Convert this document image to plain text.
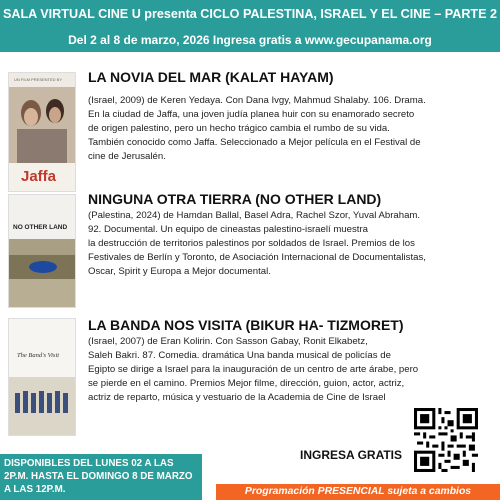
SALA VIRTUAL CINE U presenta CICLO PALESTINA, ISRAEL Y EL CINE – PARTE 2
Del 2 al 8 de marzo, 2026 Ingresa gratis a www.gecupanama.org
UN FILM PRESENTED BY
Jaffa
LA NOVIA DEL MAR (KALAT HAYAM)
(Israel, 2009) de Keren Yedaya. Con Dana Ivgy, Mahmud Shalaby. 106. Drama.
En la ciudad de Jaffa, una joven judía planea huir con su enamorado secreto
de origen palestino, pero un hecho trágico cambia el rumbo de su vida.
También conocido como Jaffa. Seleccionado a Mejor película en el Festival de
cine de Jerusalén.
NO OTHER LAND
NINGUNA OTRA TIERRA (NO OTHER LAND)
(Palestina, 2024) de Hamdan Ballal, Basel Adra, Rachel Szor, Yuval Abraham.
92. Documental. Un equipo de cineastas palestino-israelí muestra
la destrucción de territorios palestinos por soldados de Israel. Premios de los
Festivales de Berlín y Toronto, de Asociación Internacional de Documentalistas,
Oscar, Spirit y Europa a Mejor documental.
The Band's Visit
LA BANDA NOS VISITA (BIKUR HA- TIZMORET)
(Israel, 2007) de Eran Kolirin. Con Sasson Gabay, Ronit Elkabetz,
Saleh Bakri. 87. Comedia. dramática Una banda musical de policías de
Egipto se dirige a Israel para la inauguración de un centro de arte árabe, pero
se pierde en el camino. Premios Mejor filme, dirección, guion, actor, actriz,
actriz de reparto, música y vestuario de la Academia de Cine de Israel
DISPONIBLES DEL LUNES 02 A LAS 2P.M. HASTA EL DOMINGO 8 DE MARZO A LAS 12P.M.
INGRESA GRATIS
Programación PRESENCIAL sujeta a cambios
